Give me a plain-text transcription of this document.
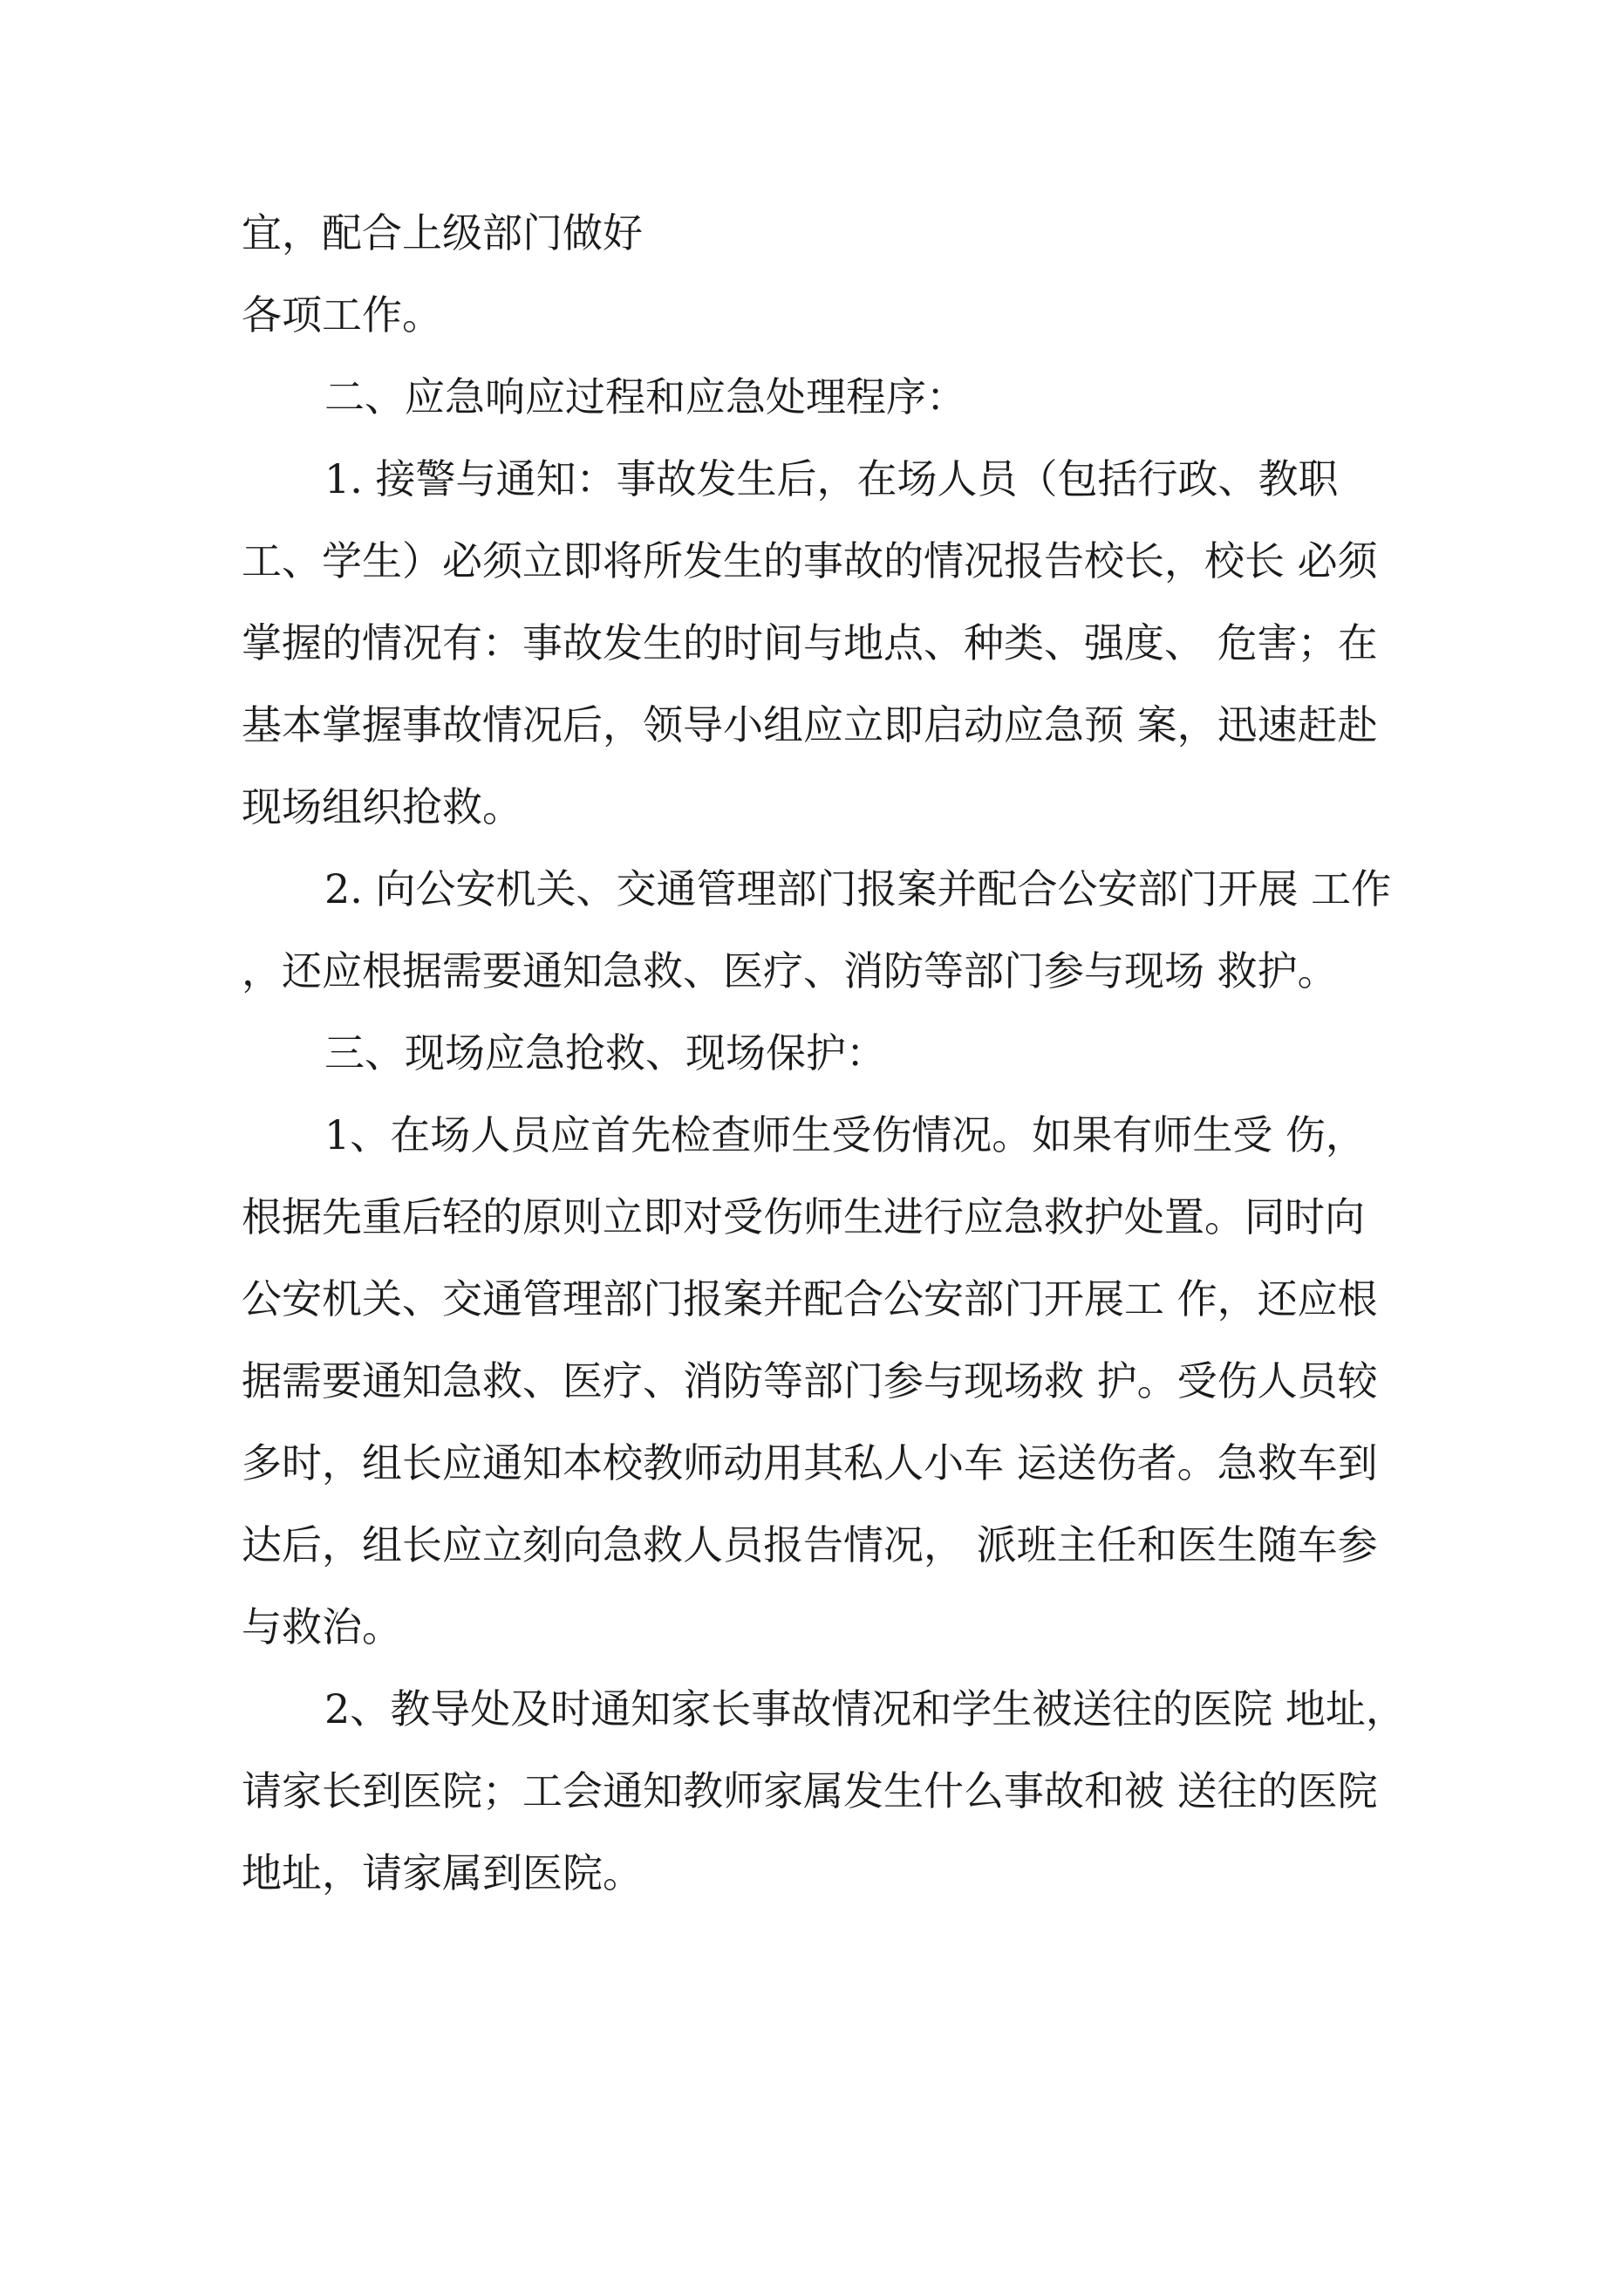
宜，配合上级部门做好
各项工作。
二、应急响应过程和应急处理程序：
1. 接警与通知：事故发生后，在场人员（包括行政、教职
工、学生）必须立即将所发生的事故的情况报告校长，校长 必须
掌握的情况有：事故发生的时间与地点、种类、强度、 危害；在
基本掌握事故情况后，领导小组应立即启动应急预 案，迅速赶赴
现场组织抢救。
2. 向公安机关、交通管理部门报案并配合公安部门开展 工作
，还应根据需要通知急救、医疗、消防等部门参与现场 救护。
三、现场应急抢救、现场保护：
1、在场人员应首先检查师生受伤情况。如果有师生受 伤，
根据先重后轻的原则立即对受伤师生进行应急救护处置。同时向
公安机关、交通管理部门报案并配合公安部门开展工 作，还应根
据需要通知急救、医疗、消防等部门参与现场救 护。受伤人员较
多时，组长应通知本校教师动用其私人小车 运送伤者。急救车到
达后，组长应立刻向急救人员报告情况， 派班主任和医生随车参
与救治。
2、教导处及时通知家长事故情况和学生被送往的医院 地址，
请家长到医院；工会通知教师家属发生什么事故和被 送往的医院
地址，请家属到医院。
